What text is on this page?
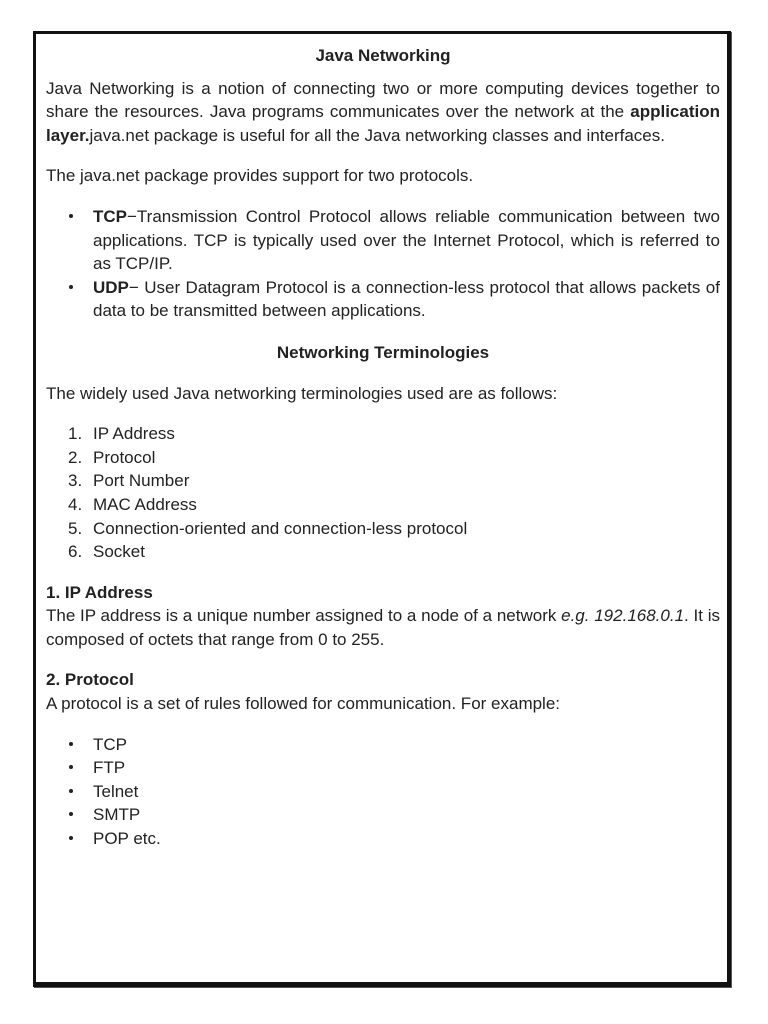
Java Networking

Java Networking is a notion of connecting two or more computing devices together to share the resources. Java programs communicates over the network at the application layer.java.net package is useful for all the Java networking classes and interfaces.

The java.net package provides support for two protocols.

TCP−Transmission Control Protocol allows reliable communication between two applications. TCP is typically used over the Internet Protocol, which is referred to as TCP/IP.
UDP− User Datagram Protocol is a connection-less protocol that allows packets of data to be transmitted between applications.

Networking Terminologies

The widely used Java networking terminologies used are as follows:

1. IP Address
2. Protocol
3. Port Number
4. MAC Address
5. Connection-oriented and connection-less protocol
6. Socket

1. IP Address

The IP address is a unique number assigned to a node of a network e.g. 192.168.0.1. It is composed of octets that range from 0 to 255.

2. Protocol

A protocol is a set of rules followed for communication. For example:

TCP
FTP
Telnet
SMTP
POP etc.
